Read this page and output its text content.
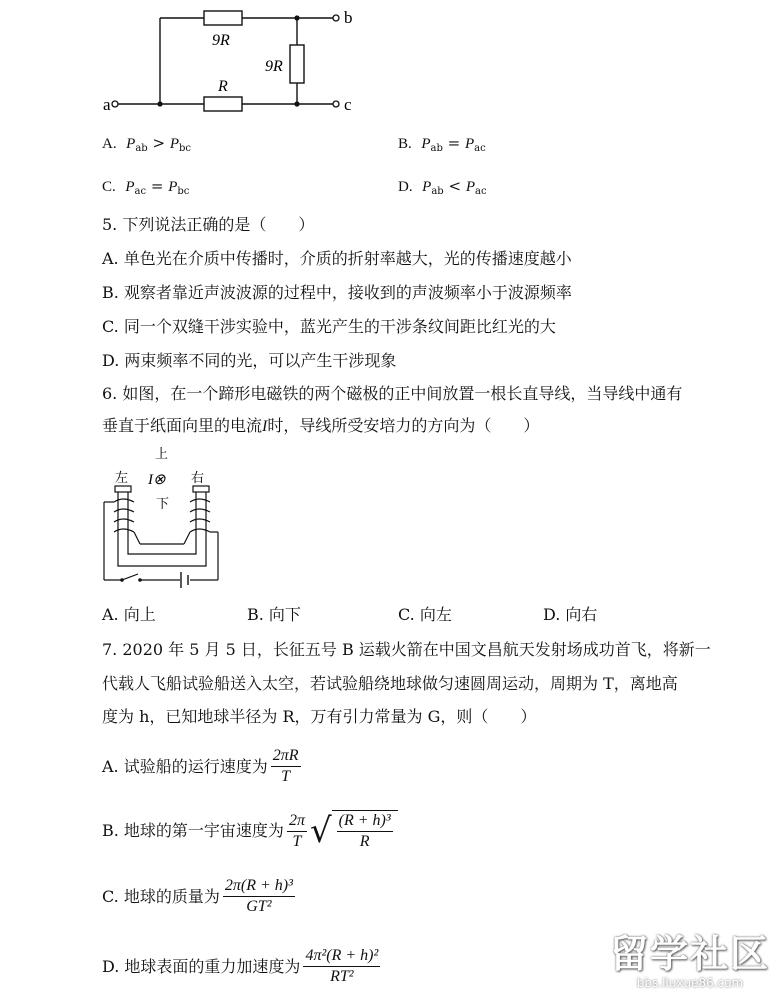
a
b
c
9R
9R
R
A. $P_{ab} > P_{bc}$	B. $P_{ab} = P_{ac}$
C. $P_{ac} = P_{bc}$	D. $P_{ab} < P_{ac}$
5. 下列说法正确的是（　　）
A. 单色光在介质中传播时，介质的折射率越大，光的传播速度越小
B. 观察者靠近声波波源的过程中，接收到的声波频率小于波源频率
C. 同一个双缝干涉实验中，蓝光产生的干涉条纹间距比红光的大
D. 两束频率不同的光，可以产生干涉现象
6. 如图，在一个蹄形电磁铁的两个磁极的正中间放置一根长直导线，当导线中通有
垂直于纸面向里的电流I时，导线所受安培力的方向为（　　）
上
左	右
I⊗
下
A. 向上	B. 向下	C. 向左	D. 向右
7. 2020 年 5 月 5 日，长征五号 B 运载火箭在中国文昌航天发射场成功首飞，将新一
代载人飞船试验船送入太空，若试验船绕地球做匀速圆周运动，周期为 T，离地高
度为 h，已知地球半径为 R，万有引力常量为 G，则（　　）
A. 试验船的运行速度为 $\frac{2\pi R}{T}$
B. 地球的第一宇宙速度为 $\frac{2\pi}{T}$ √ $\frac{\text{(R + h)³}}{R}$
C. 地球的质量为 $\frac{\text{2π(R + h)³}}{\text{GT²}}$
D. 地球表面的重力加速度为 $\frac{\text{4π²(R + h)²}}{\text{RT²}}$	留学社区
bbs.liuxue86.com
